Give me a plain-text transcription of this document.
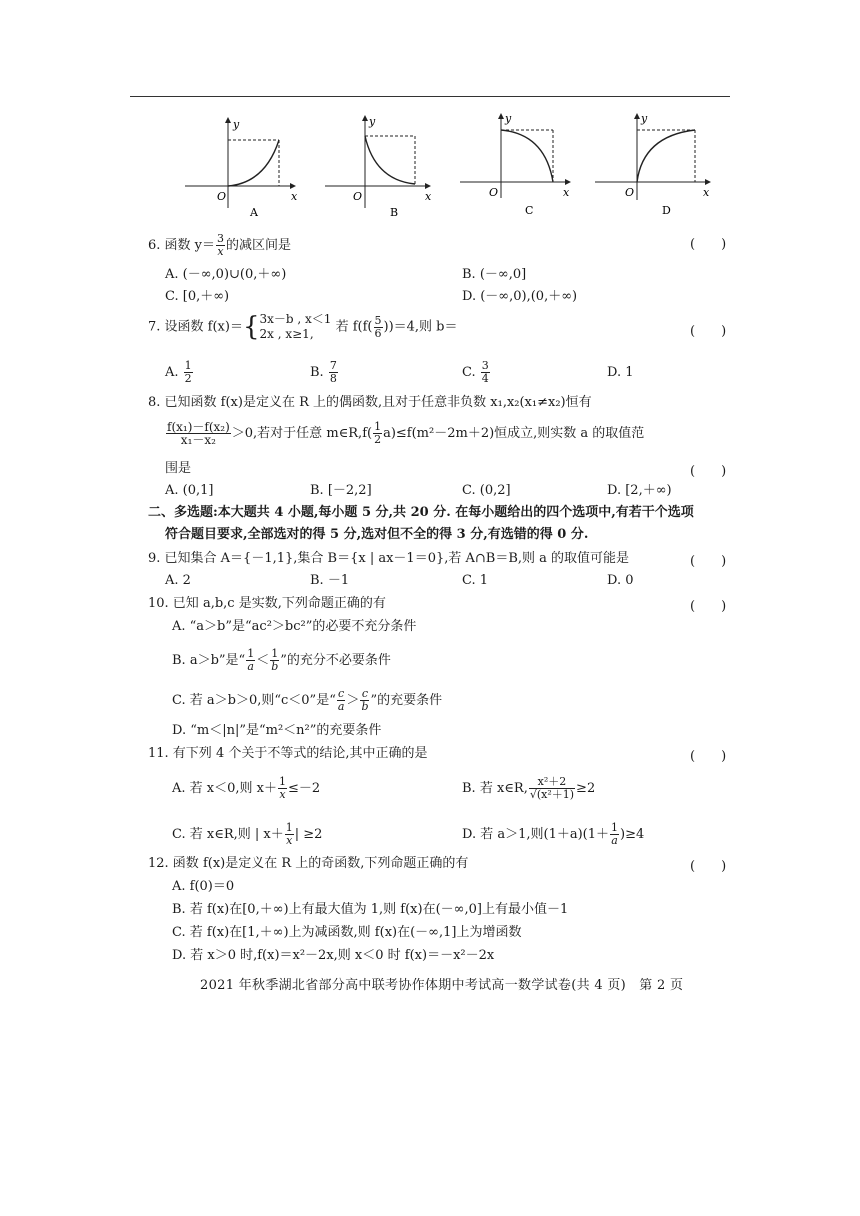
y
x
O
A
y
x
O
B
y
x
O
C
y
x
O
D
6. 函数 $y= \frac{3}{x}$ 的减区间是	(　　)
A. (－∞,0)∪(0,＋∞)	B. (－∞,0]
C. [0,＋∞)	D. (－∞,0),(0,＋∞)
7. 设函数 f(x)＝{ 3x－b , x＜1
2x , x≥1,	若 $f(f( \frac{5}{6} ))=4$,则 b＝	(　　)
A. $\frac{1}{2}$	B. $\frac{7}{8}$	C. $\frac{3}{4}$	D. 1
8. 已知函数 f(x)是定义在 R 上的偶函数,且对于任意非负数 x₁,x₂(x₁≠x₂)恒有
$\frac{\text{f(x₁)－f(x₂)}}{\text{x₁－x₂}} >0$,若对于任意 m∈R,f( $\frac{1}{2} a)\le f(m^2-2m+2)$恒成立,则实数 a 的取值范
围是	(　　)
A. (0,1]	B. [－2,2]	C. (0,2]	D. [2,＋∞)
二、多选题:本大题共 4 小题,每小题 5 分,共 20 分. 在每小题给出的四个选项中,有若干个选项
符合题目要求,全部选对的得 5 分,选对但不全的得 3 分,有选错的得 0 分.
9. 已知集合 A＝{－1,1},集合 B＝{x | ax－1＝0},若 A∩B＝B,则 a 的取值可能是	(　　)
A. 2	B. －1	C. 1	D. 0
10. 已知 a,b,c 是实数,下列命题正确的有	(　　)
A. “a＞b”是“ac²＞bc²”的必要不充分条件
B. a＞b”是“ $\frac{1}{a} < \frac{1}{b}$ ”的充分不必要条件
C. 若 a＞b＞0,则“c＜0”是“ $\frac{c}{a} > \frac{c}{b}$ ”的充要条件
D. “m＜|n|”是“m²＜n²”的充要条件
11. 有下列 4 个关于不等式的结论,其中正确的是	(　　)
A. 若 x＜0,则 $x+ \frac{1}{x} \le-2$	B. 若 x∈R, $\frac{\text{x²＋2}}{\text{√(x²＋1)}} \ge 2$
C. 若 x∈R,则 | $x+ \frac{1}{x}$ | ≥2	D. 若 a＞1,则$(1+a)(1+ \frac{1}{a} )\ge 4$
12. 函数 f(x)是定义在 R 上的奇函数,下列命题正确的有	(　　)
A. f(0)＝0
B. 若 f(x)在[0,＋∞)上有最大值为 1,则 f(x)在(－∞,0]上有最小值－1
C. 若 f(x)在[1,＋∞)上为减函数,则 f(x)在(－∞,1]上为增函数
D. 若 x＞0 时,f(x)＝x²－2x,则 x＜0 时 f(x)＝－x²－2x
2021 年秋季湖北省部分高中联考协作体期中考试高一数学试卷(共 4 页)　第 2 页
